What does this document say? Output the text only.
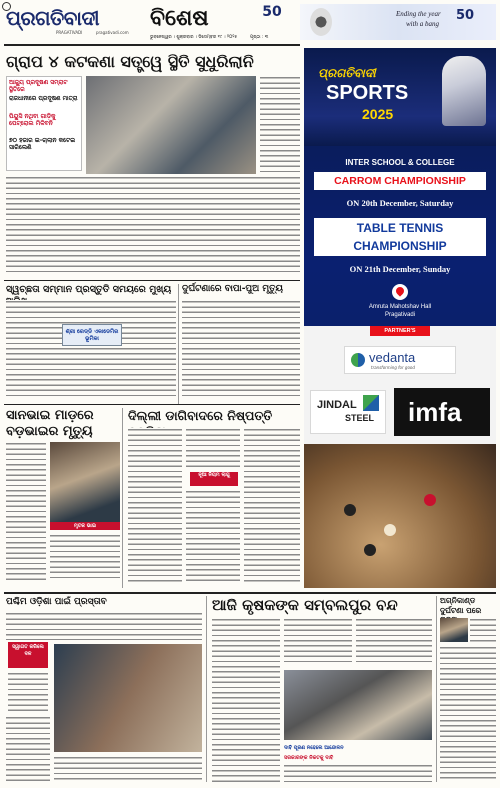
ପ୍ରଗତିବାଦୀ
PRAGATIVADI	pragativadi.com
ବିଶେଷ	50	Ending the year
with a bang
50
ଭୁବନେଶ୍ୱର । ଶୁକ୍ରବାର । ଡିସେମ୍ବର ୧୯ । ୨୦୨୫	ପୃଷ୍ଠା : ୩
ଗ୍ରାପ ୪ କଟକଣା ସତ୍ତ୍ୱେ ସ୍ଥିତି ସୁଧୁରିଲାନି
ଆଜ୍ୟୁ ପ୍ରଦୂଷଣ ସମ୍ରାଟ ସ୍ଥିତିରେ
ରାଜଧାନୀରେ ପ୍ରଦୂଷଣ ମାତ୍ରା
ପିୟୁସି ନଥିବା ଗାଡ଼ିକୁ ପେଟ୍ରୋଲ ମିଳିବନି
୭୦ ହଜାର ଇ-ଚାଲାନ କଟେଇ ସାରିଲେଣି
ସ୍ୱଚ୍ଛତା ସମ୍ମାନ ପ୍ରସ୍ତୁତି ସମୟରେ ମୁଖ୍ୟ
ଶ୍ରୀ ରେଡ୍ଡି ଏକାଡେମିର ଭୂମିକା
ଦୁର୍ଘଟଣାରେ ବାପା-ପୁଅ ମୃତ୍ୟୁ
ସାନଭାଇ ମାଡ଼ରେ
ବଡ଼ଭାଇର ମୃତ୍ୟୁ
ମୃତକ ଭାଇ
ଦିଲ୍ଲୀ ଡାଗିବାଦରେ ନିଷ୍ପତ୍ତି
ନୂଆ ନିୟମ ଲାଗୁ
ପ୍ରଗତିବାଦୀ
SPORTS
2025
INTER SCHOOL & COLLEGE
CARROM CHAMPIONSHIP
ON 20th December, Saturday
TABLE TENNIS
CHAMPIONSHIP
ON 21th December, Sunday
Amruta Mahotshav Hall
Pragativadi
PARTNER'S
vedanta
transforming for good
JINDAL
STEEL	imfa
ପଶ୍ଚିମ ଓଡ଼ିଶା ପାଇଁ ପ୍ରସ୍ତାବ
ସ୍ୱାଗତ କରିଲେ ଦଳ
ଆଜି କୃଷକଙ୍କ ସମ୍ବଲପୁର ବନ୍ଦ
ଦାବି ପୂରଣ ନହେଲେ ଆନ୍ଦୋଳନ
ସରକାରଙ୍କ ନିକଟକୁ ଦାବି
ଅଗ୍ନିକାଣ୍ଡ ଦୁର୍ଘଟଣା ପରେ
